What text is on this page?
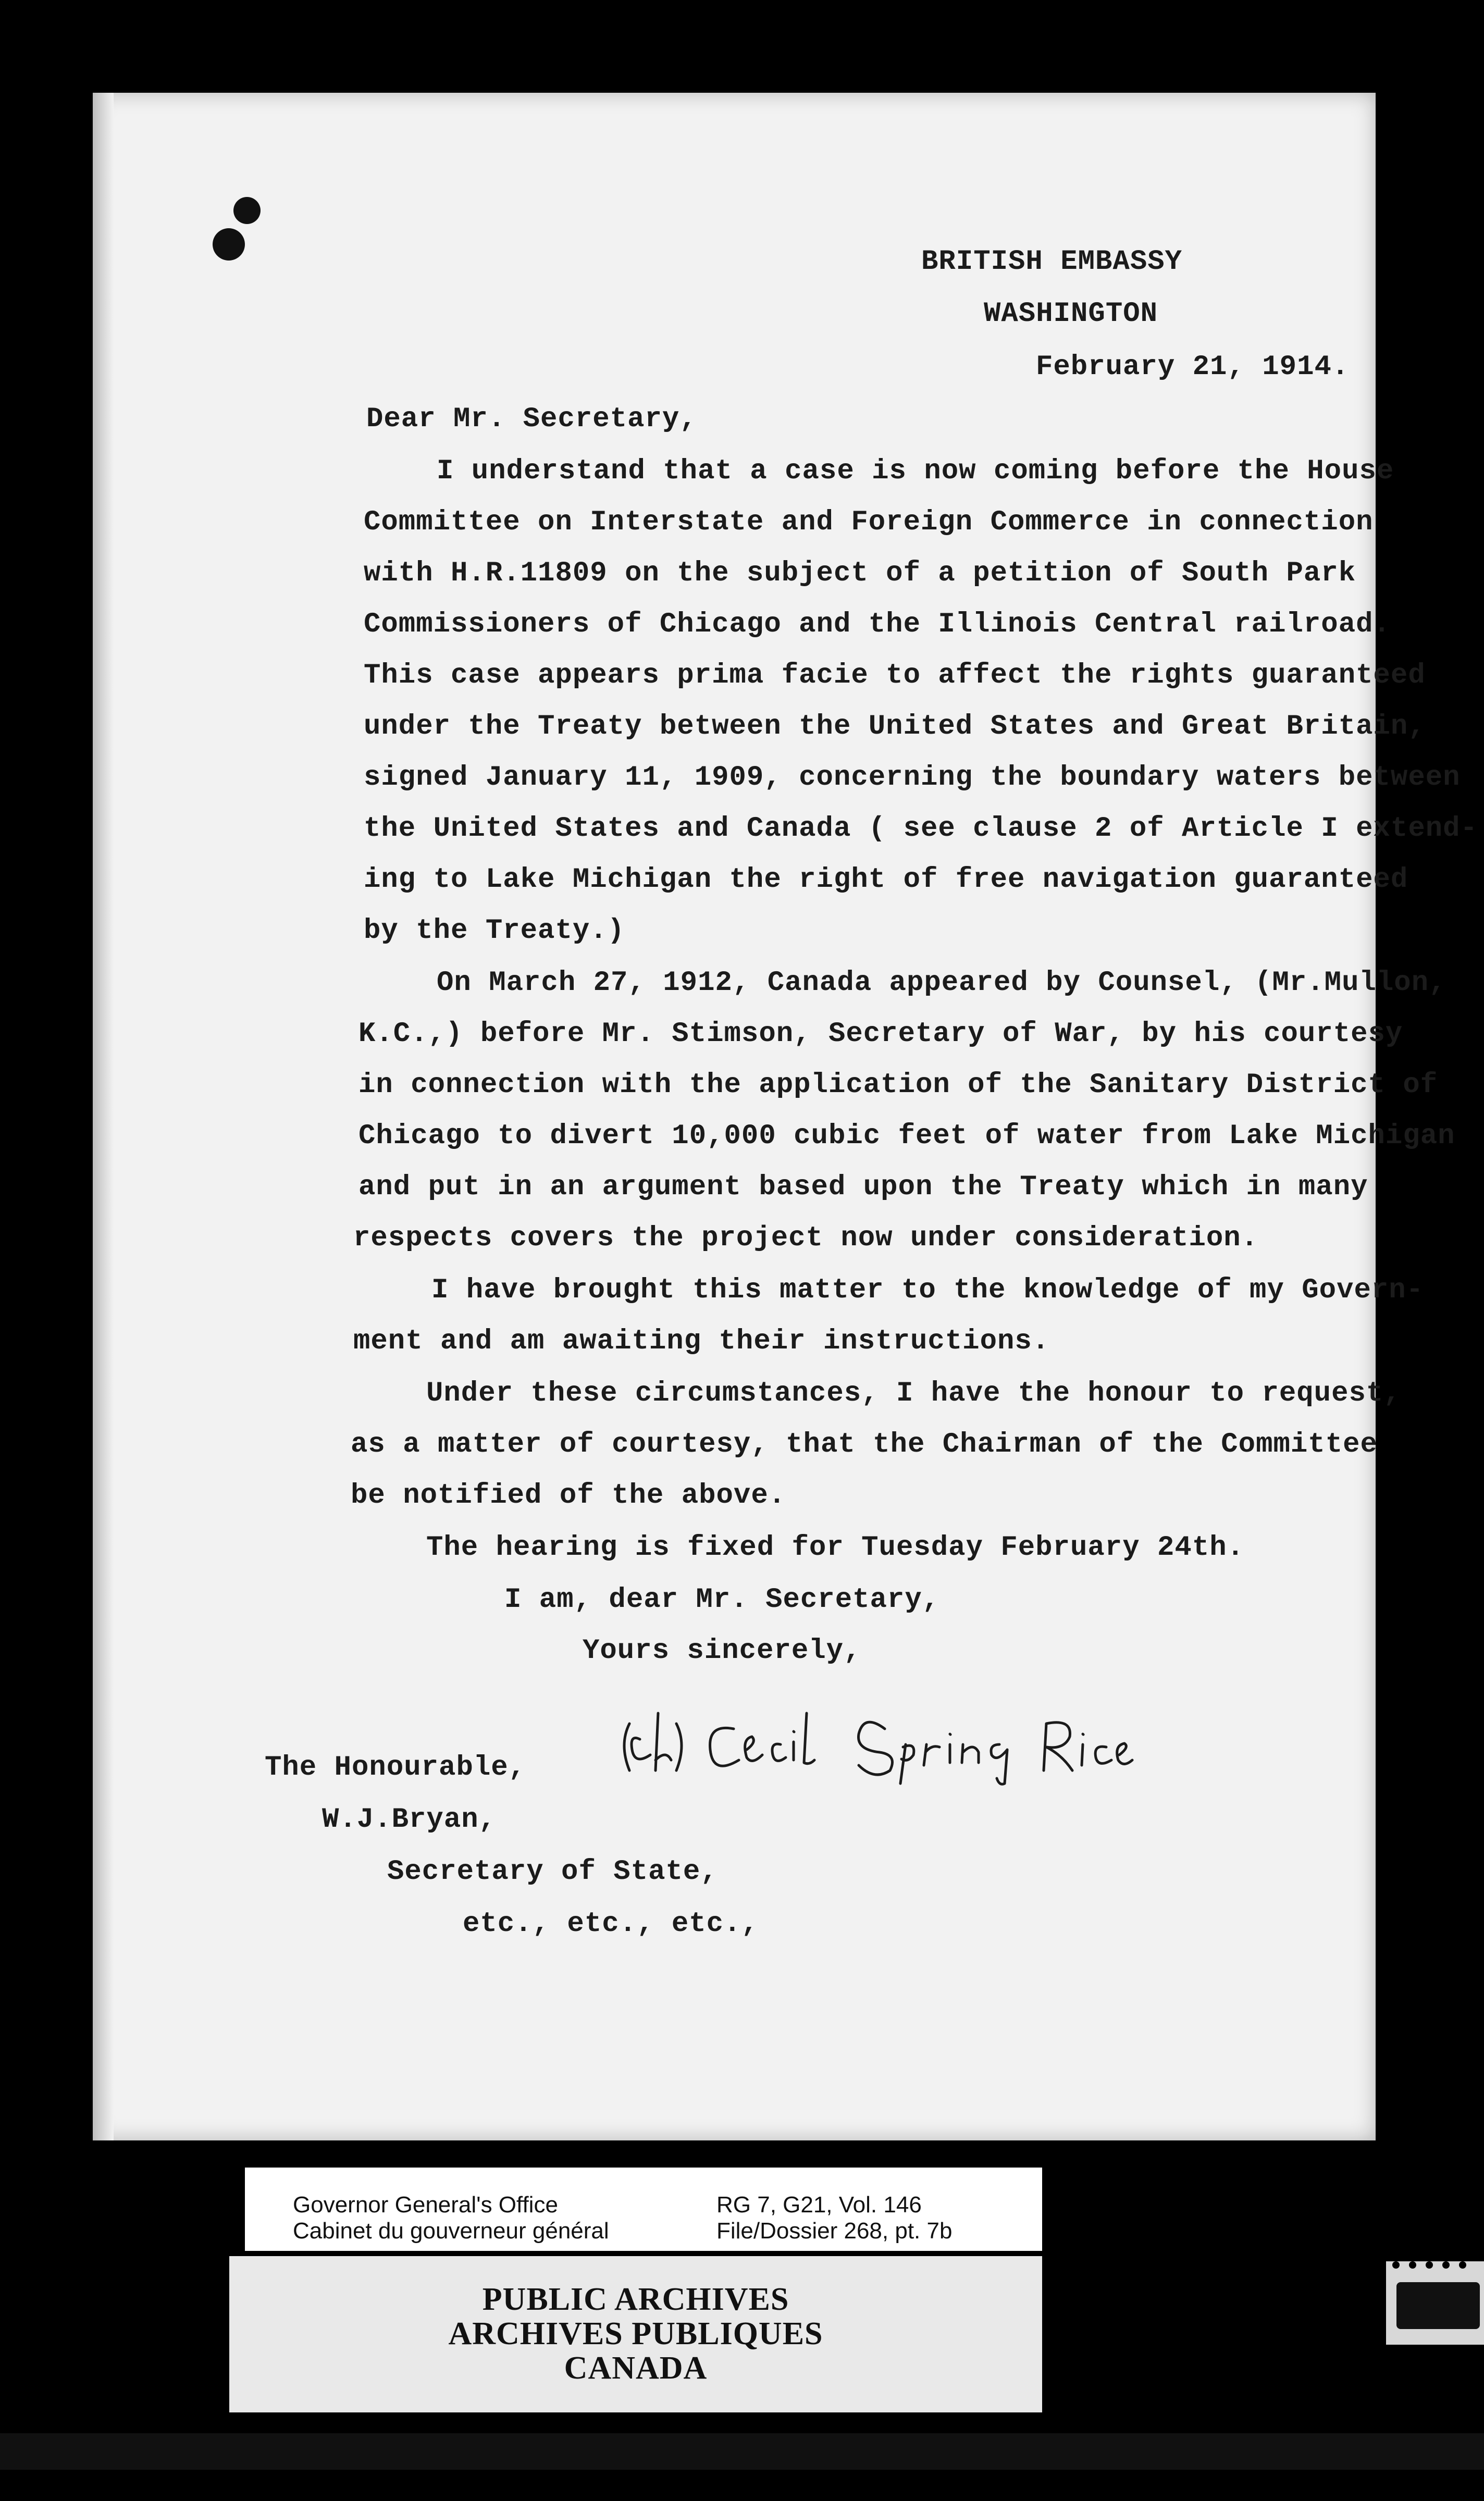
BRITISH EMBASSY

WASHINGTON

February 21, 1914.

Dear Mr. Secretary,

I understand that a case is now coming before the House

Committee on Interstate and Foreign Commerce in connection

with H.R.11809 on the subject of a petition of South Park

Commissioners of Chicago and the Illinois Central railroad.

This case appears prima facie to affect the rights guaranteed

under the Treaty between the United States and Great Britain,

signed January 11, 1909, concerning the boundary waters between

the United States and Canada ( see clause 2 of Article I extend-

ing to Lake Michigan the right of free navigation guaranteed

by the Treaty.)

On March 27, 1912, Canada appeared by Counsel, (Mr.Mullon,

K.C.,) before Mr. Stimson, Secretary of War, by his courtesy

in connection with the application of the Sanitary District of

Chicago to divert 10,000 cubic feet of water from Lake Michigan

and put in an argument based upon the Treaty which in many

respects covers the project now under consideration.

I have brought this matter to the knowledge of my Govern-

ment and am awaiting their instructions.

Under these circumstances, I have the honour to request,

as a matter of courtesy, that the Chairman of the Committee

be notified of the above.

The hearing is fixed for Tuesday February 24th.

I am, dear Mr. Secretary,

Yours sincerely,

The Honourable,

W.J.Bryan,

Secretary of State,

etc., etc., etc.,

Governor General's Office

Cabinet du gouverneur général

RG 7, G21, Vol. 146

File/Dossier 268, pt. 7b

PUBLIC ARCHIVES

ARCHIVES PUBLIQUES

CANADA
